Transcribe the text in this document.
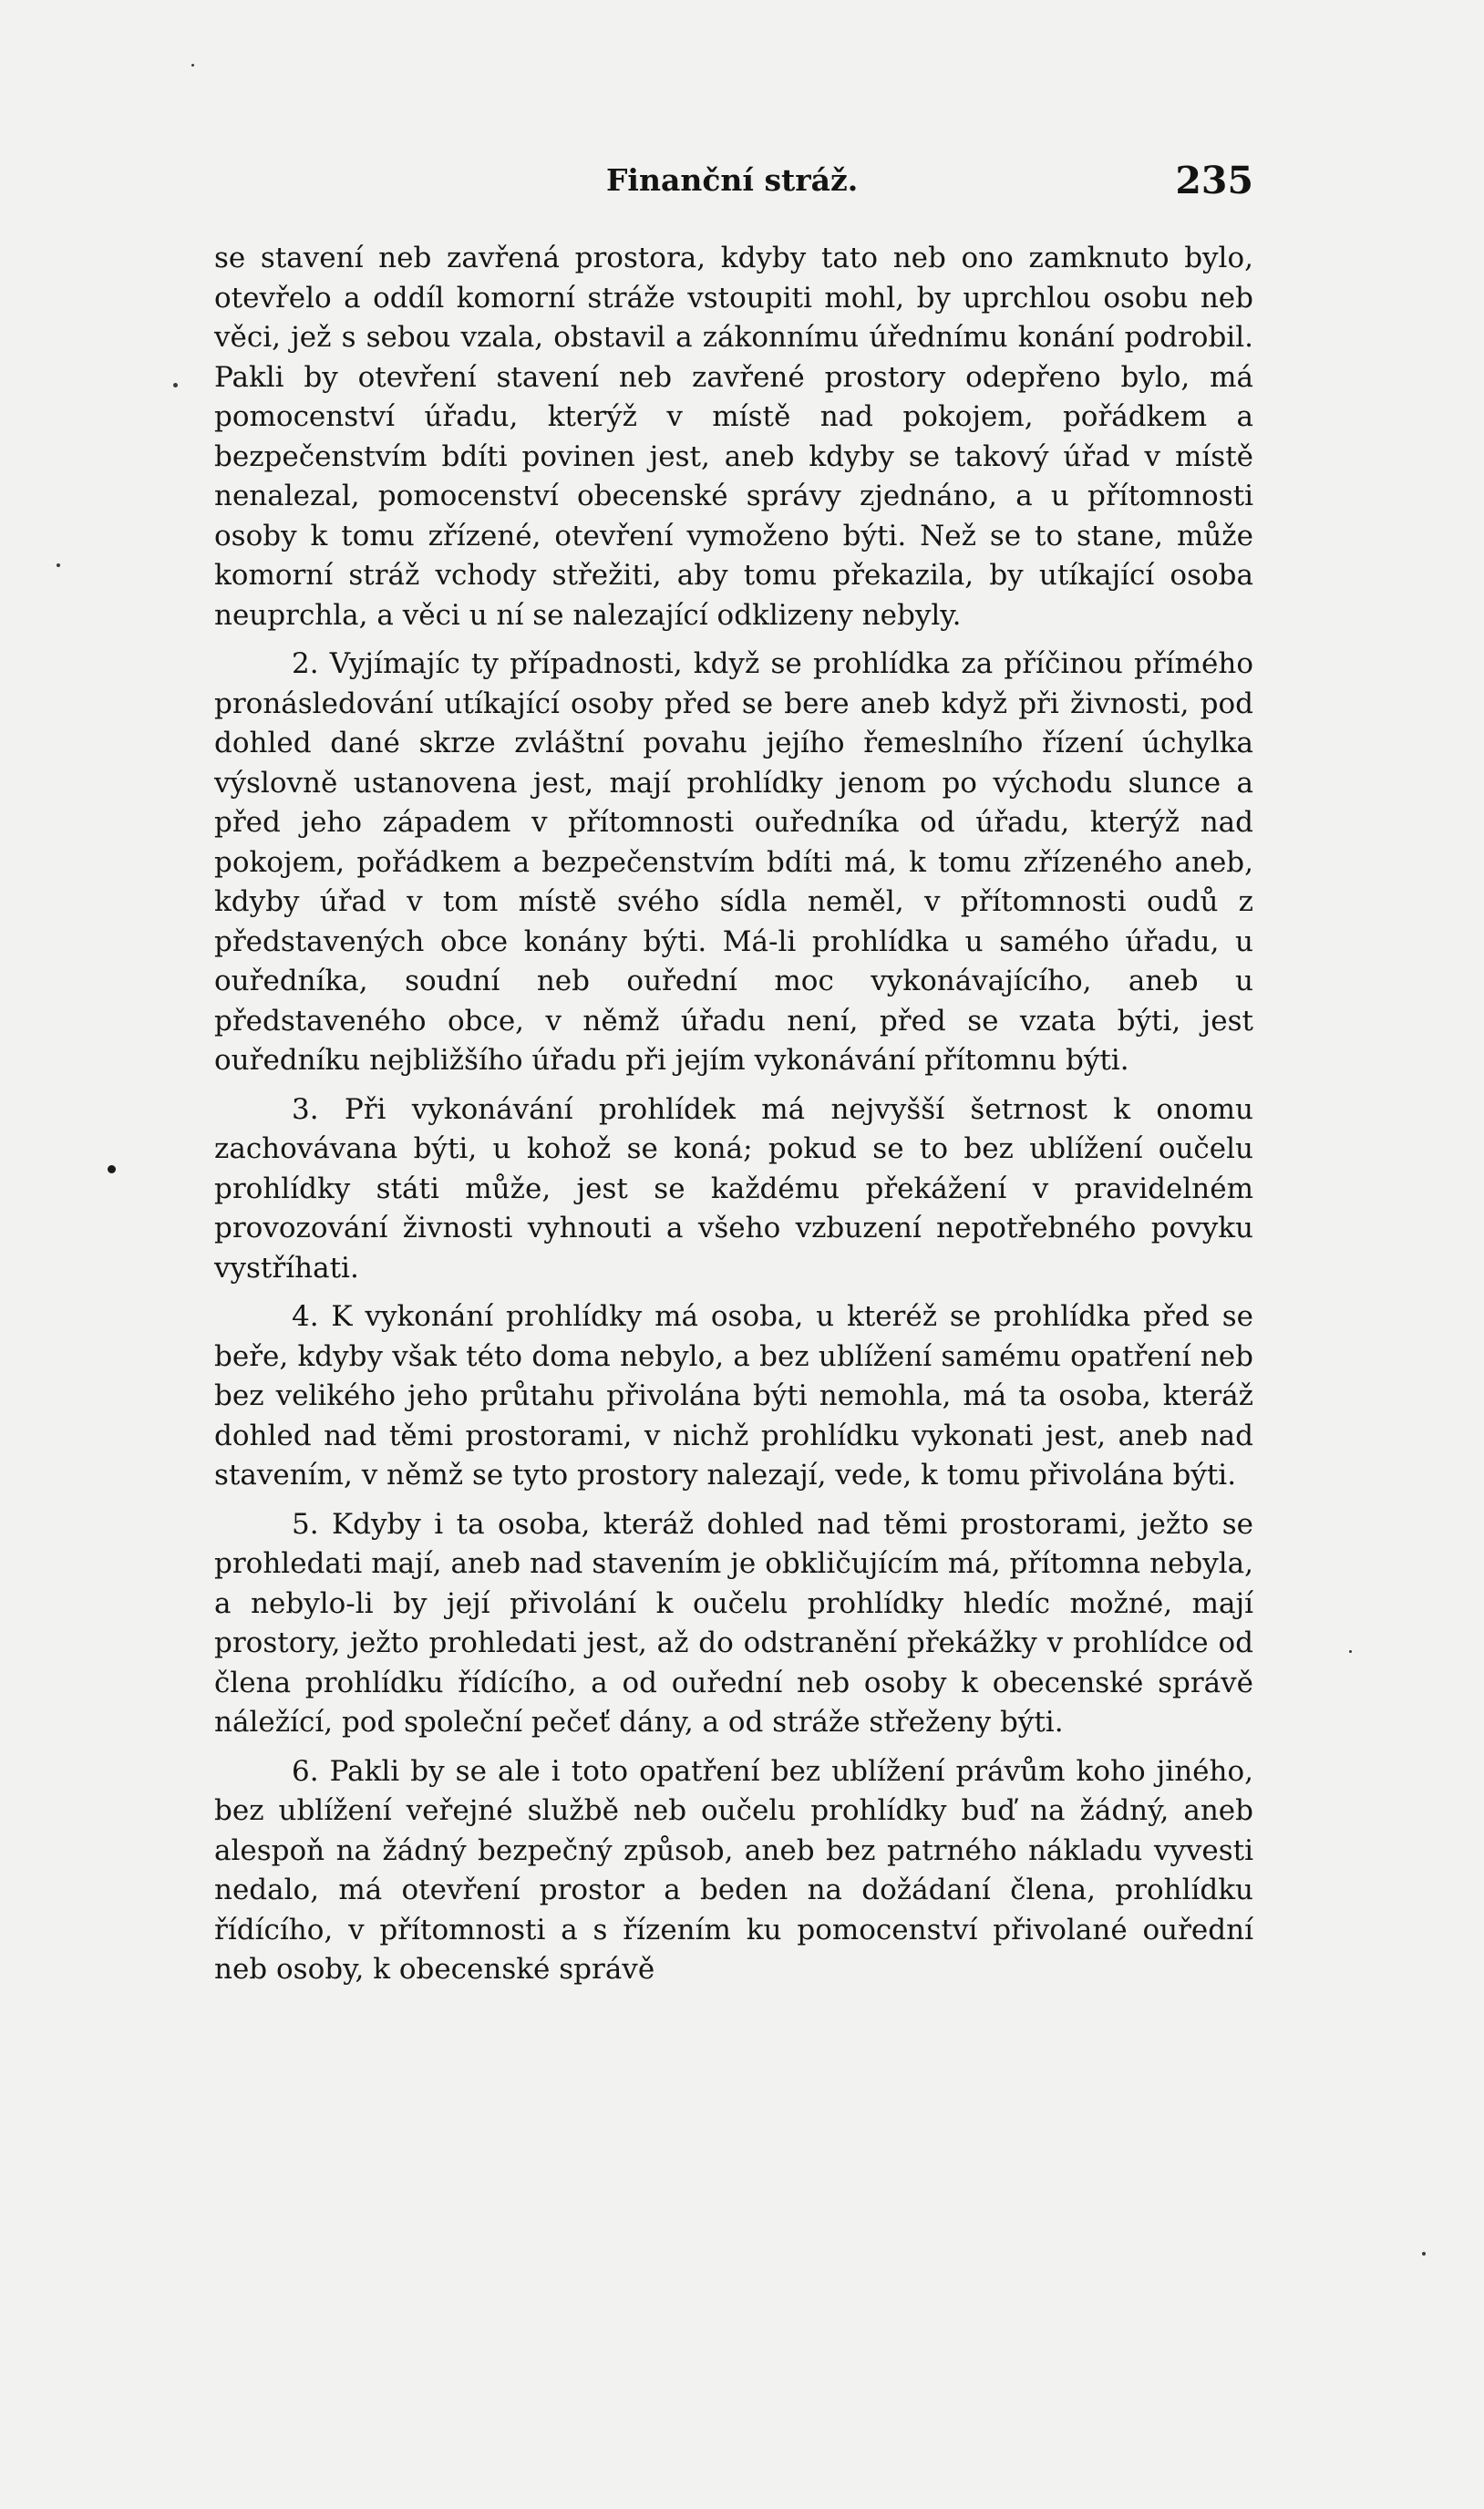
Finanční stráž.	235

se stavení neb zavřená prostora, kdyby tato neb ono zamknuto bylo, otevřelo a oddíl komorní stráže vstoupiti mohl, by uprchlou osobu neb věci, jež s sebou vzala, obstavil a zákonnímu úřednímu konání podrobil. Pakli by otevření stavení neb zavřené prostory odepřeno bylo, má pomocenství úřadu, kterýž v místě nad pokojem, pořádkem a bezpečenstvím bdíti povinen jest, aneb kdyby se takový úřad v místě nenalezal, pomocenství obecenské správy zjednáno, a u přítomnosti osoby k tomu zřízené, otevření vymoženo býti. Než se to stane, může komorní stráž vchody střežiti, aby tomu překazila, by utíkající osoba neuprchla, a věci u ní se nalezající odklizeny nebyly.

2. Vyjímajíc ty případnosti, když se prohlídka za příčinou přímého pronásledování utíkající osoby před se bere aneb když při živnosti, pod dohled dané skrze zvláštní povahu jejího řemeslního řízení úchylka výslovně ustanovena jest, mají prohlídky jenom po východu slunce a před jeho západem v přítomnosti ouředníka od úřadu, kterýž nad pokojem, pořádkem a bezpečenstvím bdíti má, k tomu zřízeného aneb, kdyby úřad v tom místě svého sídla neměl, v přítomnosti oudů z představených obce konány býti. Má-li prohlídka u samého úřadu, u ouředníka, soudní neb ouřední moc vykonávajícího, aneb u představeného obce, v němž úřadu není, před se vzata býti, jest ouředníku nejbližšího úřadu při jejím vykonávání přítomnu býti.

3. Při vykonávání prohlídek má nejvyšší šetrnost k onomu zachovávana býti, u kohož se koná; pokud se to bez ublížení oučelu prohlídky státi může, jest se každému překážení v pravidelném provozování živnosti vyhnouti a všeho vzbuzení nepotřebného povyku vystříhati.

4. K vykonání prohlídky má osoba, u kteréž se prohlídka před se beře, kdyby však této doma nebylo, a bez ublížení samému opatření neb bez velikého jeho průtahu přivolána býti nemohla, má ta osoba, kteráž dohled nad těmi prostorami, v nichž prohlídku vykonati jest, aneb nad stavením, v němž se tyto prostory nalezají, vede, k tomu přivolána býti.

5. Kdyby i ta osoba, kteráž dohled nad těmi prostorami, ježto se prohledati mají, aneb nad stavením je obkličujícím má, přítomna nebyla, a nebylo-li by její přivolání k oučelu prohlídky hledíc možné, mají prostory, ježto prohledati jest, až do odstranění překážky v prohlídce od člena prohlídku řídícího, a od ouřední neb osoby k obecenské správě náležící, pod společní pečeť dány, a od stráže střeženy býti.

6. Pakli by se ale i toto opatření bez ublížení právům koho jiného, bez ublížení veřejné službě neb oučelu prohlídky buď na žádný, aneb alespoň na žádný bezpečný způsob, aneb bez patrného nákladu vyvesti nedalo, má otevření prostor a beden na dožádaní člena, prohlídku řídícího, v přítomnosti a s řízením ku pomocenství přivolané ouřední neb osoby, k obecenské správě
